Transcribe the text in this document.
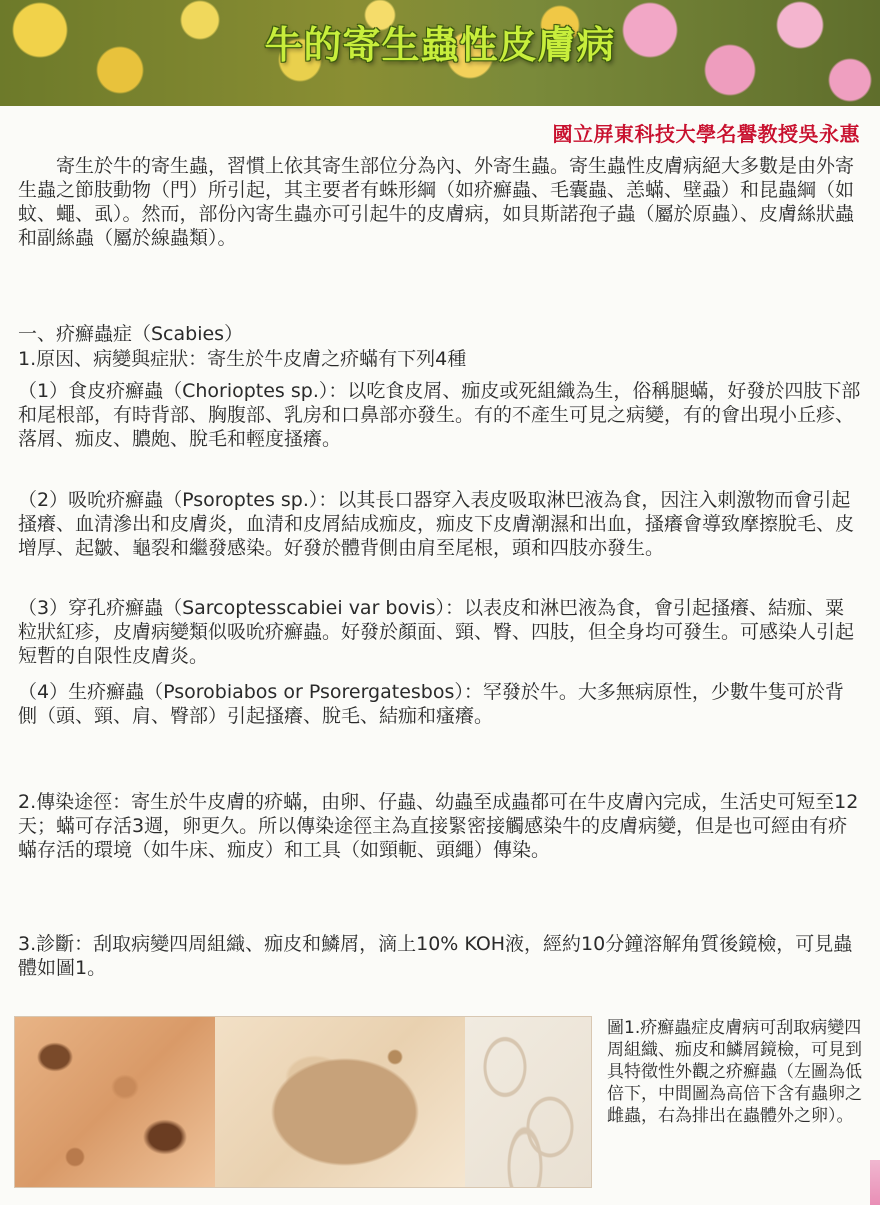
牛的寄生蟲性皮膚病
國立屏東科技大學名譽教授吳永惠

寄生於牛的寄生蟲，習慣上依其寄生部位分為內、外寄生蟲。寄生蟲性皮膚病絕大多數是由外寄生蟲之節肢動物（門）所引起，其主要者有蛛形綱（如疥癬蟲、毛囊蟲、恙蟎、壁蝨）和昆蟲綱（如蚊、蠅、虱）。然而，部份內寄生蟲亦可引起牛的皮膚病，如貝斯諾孢子蟲（屬於原蟲）、皮膚絲狀蟲和副絲蟲（屬於線蟲類）。

一、疥癬蟲症（Scabies）

1.原因、病變與症狀：寄生於牛皮膚之疥蟎有下列4種

（1）食皮疥癬蟲（Chorioptes sp.）：以吃食皮屑、痂皮或死組織為生，俗稱腿蟎，好發於四肢下部和尾根部，有時背部、胸腹部、乳房和口鼻部亦發生。有的不產生可見之病變，有的會出現小丘疹、落屑、痂皮、膿皰、脫毛和輕度搔癢。

（2）吸吮疥癬蟲（Psoroptes sp.）：以其長口器穿入表皮吸取淋巴液為食，因注入刺激物而會引起搔癢、血清滲出和皮膚炎，血清和皮屑結成痂皮，痂皮下皮膚潮濕和出血，搔癢會導致摩擦脫毛、皮增厚、起皺、龜裂和繼發感染。好發於體背側由肩至尾根，頭和四肢亦發生。

（3）穿孔疥癬蟲（Sarcoptesscabiei var bovis）：以表皮和淋巴液為食，會引起搔癢、結痂、粟粒狀紅疹，皮膚病變類似吸吮疥癬蟲。好發於顏面、頸、臀、四肢，但全身均可發生。可感染人引起短暫的自限性皮膚炎。

（4）生疥癬蟲（Psorobiabos or Psorergatesbos）：罕發於牛。大多無病原性，少數牛隻可於背側（頭、頸、肩、臀部）引起搔癢、脫毛、結痂和瘙癢。

2.傳染途徑：寄生於牛皮膚的疥蟎，由卵、仔蟲、幼蟲至成蟲都可在牛皮膚內完成，生活史可短至12天；蟎可存活3週，卵更久。所以傳染途徑主為直接緊密接觸感染牛的皮膚病變，但是也可經由有疥蟎存活的環境（如牛床、痂皮）和工具（如頸軛、頭繩）傳染。

3.診斷：刮取病變四周組織、痂皮和鱗屑，滴上10% KOH液，經約10分鐘溶解角質後鏡檢，可見蟲體如圖1。

圖1.疥癬蟲症皮膚病可刮取病變四周組織、痂皮和鱗屑鏡檢，可見到具特徵性外觀之疥癬蟲（左圖為低倍下，中間圖為高倍下含有蟲卵之雌蟲，右為排出在蟲體外之卵）。
